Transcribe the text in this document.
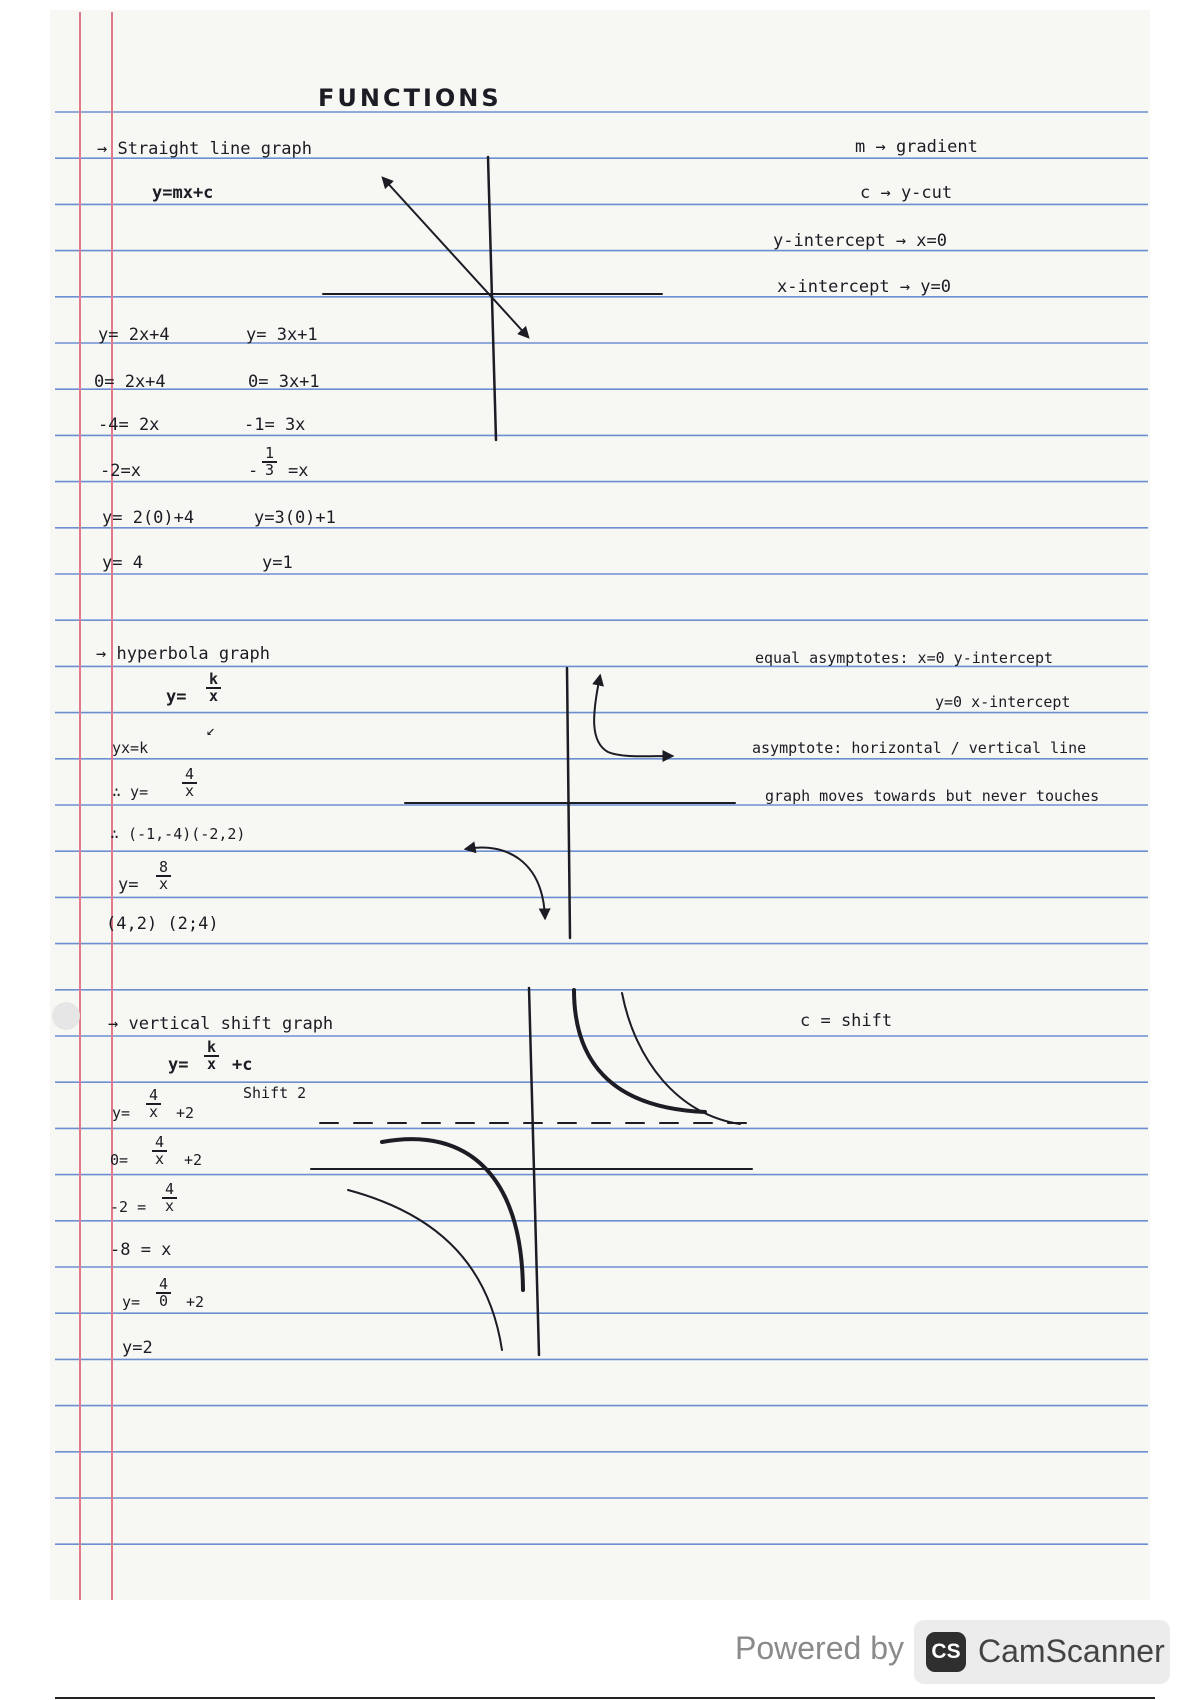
FUNCTIONS
→ Straight line graph
y=mx+c
m → gradient
c → y-cut
y-intercept → x=0
x-intercept → y=0
y= 2x+4
0= 2x+4
-4= 2x
-2=x
y= 2(0)+4
y= 4
y= 3x+1
0= 3x+1
-1= 3x
- $\frac{1}{3} =x$
y=3(0)+1
y=1
→ hyperbola graph
$y= \frac{k}{x}$
↙
yx=k
∴ $y= \frac{4}{x}$
∴ (-1,-4)(-2,2)
$y= \frac{8}{x}$
(4,2) (2;4)
equal asymptotes: x=0 y-intercept
y=0 x-intercept
asymptote: horizontal / vertical line
graph moves towards but never touches
→ vertical shift graph
$y= \frac{k}{x} +c$
Shift 2
c = shift
$y= \frac{4}{x} +2$
$0= \frac{4}{x} +2$
$-2 = \frac{4}{x}$
-8 = x
$y= \frac{4}{0} +2$
y=2
Powered by CS CamScanner
